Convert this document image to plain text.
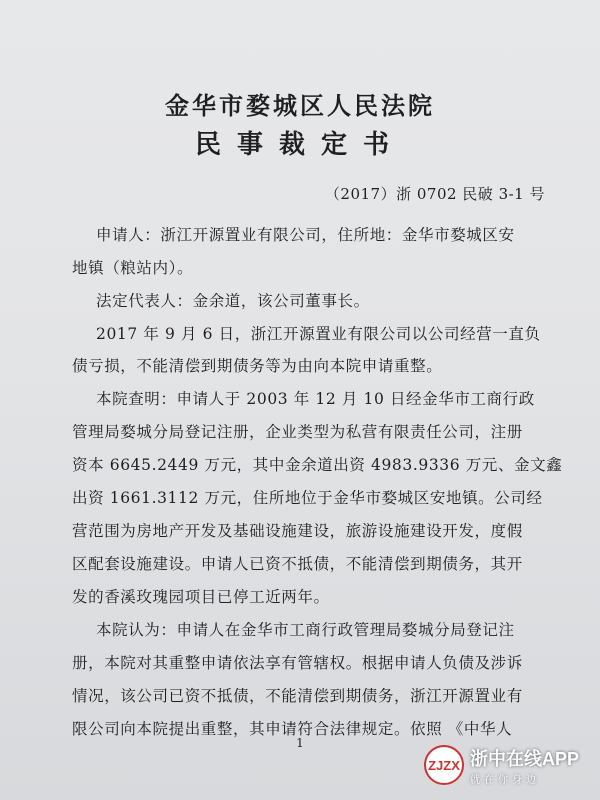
金华市婺城区人民法院
民事裁定书
（2017）浙 0702 民破 3-1 号
申请人：浙江开源置业有限公司，住所地：金华市婺城区安
地镇（粮站内）。
法定代表人：金余道，该公司董事长。
2017 年 9 月 6 日，浙江开源置业有限公司以公司经营一直负
债亏损，不能清偿到期债务等为由向本院申请重整。
本院查明：申请人于 2003 年 12 月 10 日经金华市工商行政
管理局婺城分局登记注册，企业类型为私营有限责任公司，注册
资本 6645.2449 万元，其中金余道出资 4983.9336 万元、金文鑫
出资 1661.3112 万元，住所地位于金华市婺城区安地镇。公司经
营范围为房地产开发及基础设施建设，旅游设施建设开发，度假
区配套设施建设。申请人已资不抵债，不能清偿到期债务，其开
发的香溪玫瑰园项目已停工近两年。
本院认为：申请人在金华市工商行政管理局婺城分局登记注
册，本院对其重整申请依法享有管辖权。根据申请人负债及涉诉
情况，该公司已资不抵债，不能清偿到期债务，浙江开源置业有
限公司向本院提出重整，其申请符合法律规定。依照 《中华人
1
ZJZX 浙中在线APP
就在你身边
